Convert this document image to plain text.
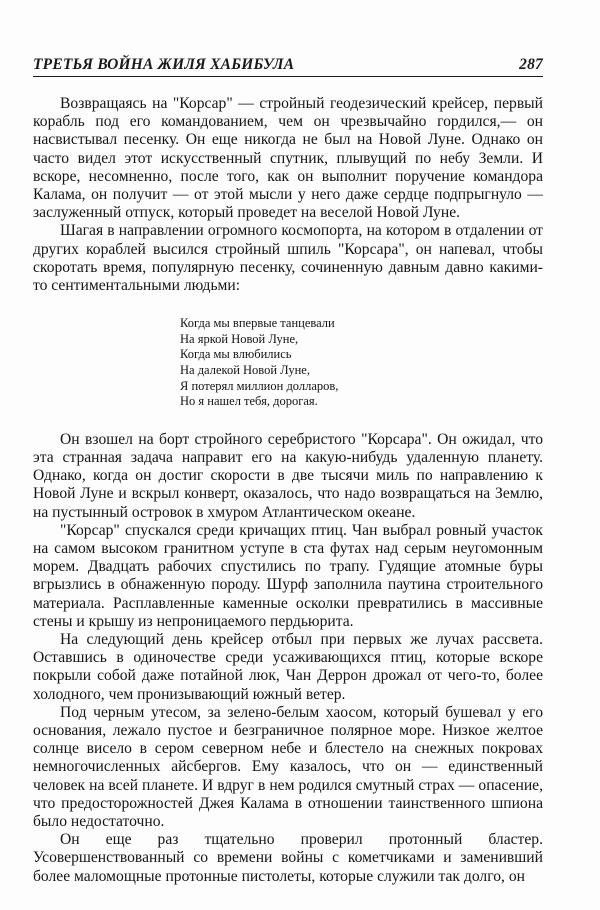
ТРЕТЬЯ ВОЙНА ЖИЛЯ ХАБИБУЛА	287

Возвращаясь на "Корсар" — стройный геодезический крейсер, первый корабль под его командованием, чем он чрезвычайно гордился,— он насвистывал песенку. Он еще никогда не был на Новой Луне. Однако он часто видел этот искусственный спутник, плывущий по небу Земли. И вскоре, несомненно, после того, как он выполнит поручение командора Калама, он получит — от этой мысли у него даже сердце подпрыгнуло — заслуженный отпуск, который проведет на веселой Новой Луне.

Шагая в направлении огромного космопорта, на котором в отдалении от других кораблей высился стройный шпиль "Корсара", он напевал, чтобы скоротать время, популярную песенку, сочиненную давным давно какими-то сентиментальными людьми:

Когда мы впервые танцевали
На яркой Новой Луне,
Когда мы влюбились
На далекой Новой Луне,
Я потерял миллион долларов,
Но я нашел тебя, дорогая.

Он взошел на борт стройного серебристого "Корсара". Он ожидал, что эта странная задача направит его на какую-нибудь удаленную планету. Однако, когда он достиг скорости в две тысячи миль по направлению к Новой Луне и вскрыл конверт, оказалось, что надо возвращаться на Землю, на пустынный островок в хмуром Атлантическом океане.

"Корсар" спускался среди кричащих птиц. Чан выбрал ровный участок на самом высоком гранитном уступе в ста футах над серым неугомонным морем. Двадцать рабочих спустились по трапу. Гудящие атомные буры вгрызлись в обнаженную породу. Шурф заполнила паутина строительного материала. Расплавленные каменные осколки превратились в массивные стены и крышу из непроницаемого пердьюрита.

На следующий день крейсер отбыл при первых же лучах рассвета. Оставшись в одиночестве среди усаживающихся птиц, которые вскоре покрыли собой даже потайной люк, Чан Деррон дрожал от чего-то, более холодного, чем пронизывающий южный ветер.

Под черным утесом, за зелено-белым хаосом, который бушевал у его основания, лежало пустое и безграничное полярное море. Низкое желтое солнце висело в сером северном небе и блестело на снежных покровах немногочисленных айсбергов. Ему казалось, что он — единственный человек на всей планете. И вдруг в нем родился смутный страх — опасение, что предосторожностей Джея Калама в отношении таинственного шпиона было недостаточно.

Он еще раз тщательно проверил протонный бластер. Усовершенствованный со времени войны с кометчиками и заменивший более маломощные протонные пистолеты, которые служили так долго, он
